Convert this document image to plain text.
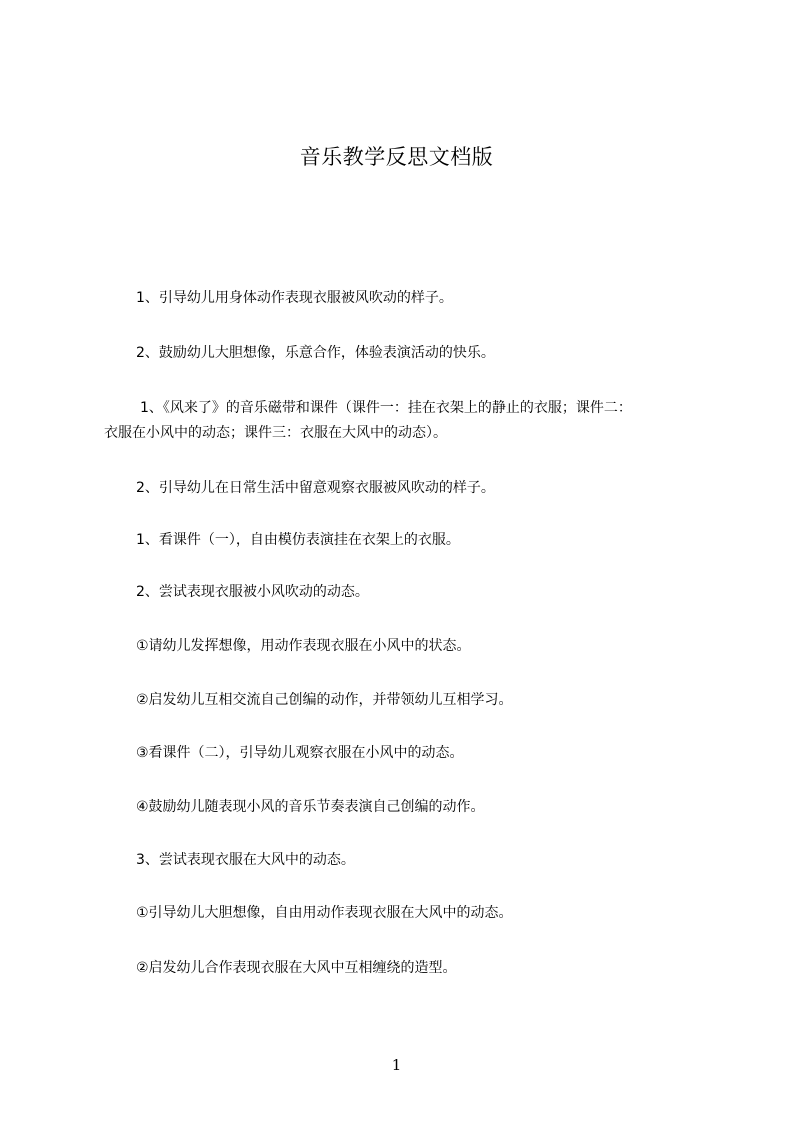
音乐教学反思文档版
1、引导幼儿用身体动作表现衣服被风吹动的样子。
2、鼓励幼儿大胆想像，乐意合作，体验表演活动的快乐。
1、《风来了》的音乐磁带和课件（课件一：挂在衣架上的静止的衣服；课件二：
衣服在小风中的动态；课件三：衣服在大风中的动态）。
2、引导幼儿在日常生活中留意观察衣服被风吹动的样子。
1、看课件（一），自由模仿表演挂在衣架上的衣服。
2、尝试表现衣服被小风吹动的动态。
①请幼儿发挥想像，用动作表现衣服在小风中的状态。
②启发幼儿互相交流自己创编的动作，并带领幼儿互相学习。
③看课件（二），引导幼儿观察衣服在小风中的动态。
④鼓励幼儿随表现小风的音乐节奏表演自己创编的动作。
3、尝试表现衣服在大风中的动态。
①引导幼儿大胆想像，自由用动作表现衣服在大风中的动态。
②启发幼儿合作表现衣服在大风中互相缠绕的造型。
1
